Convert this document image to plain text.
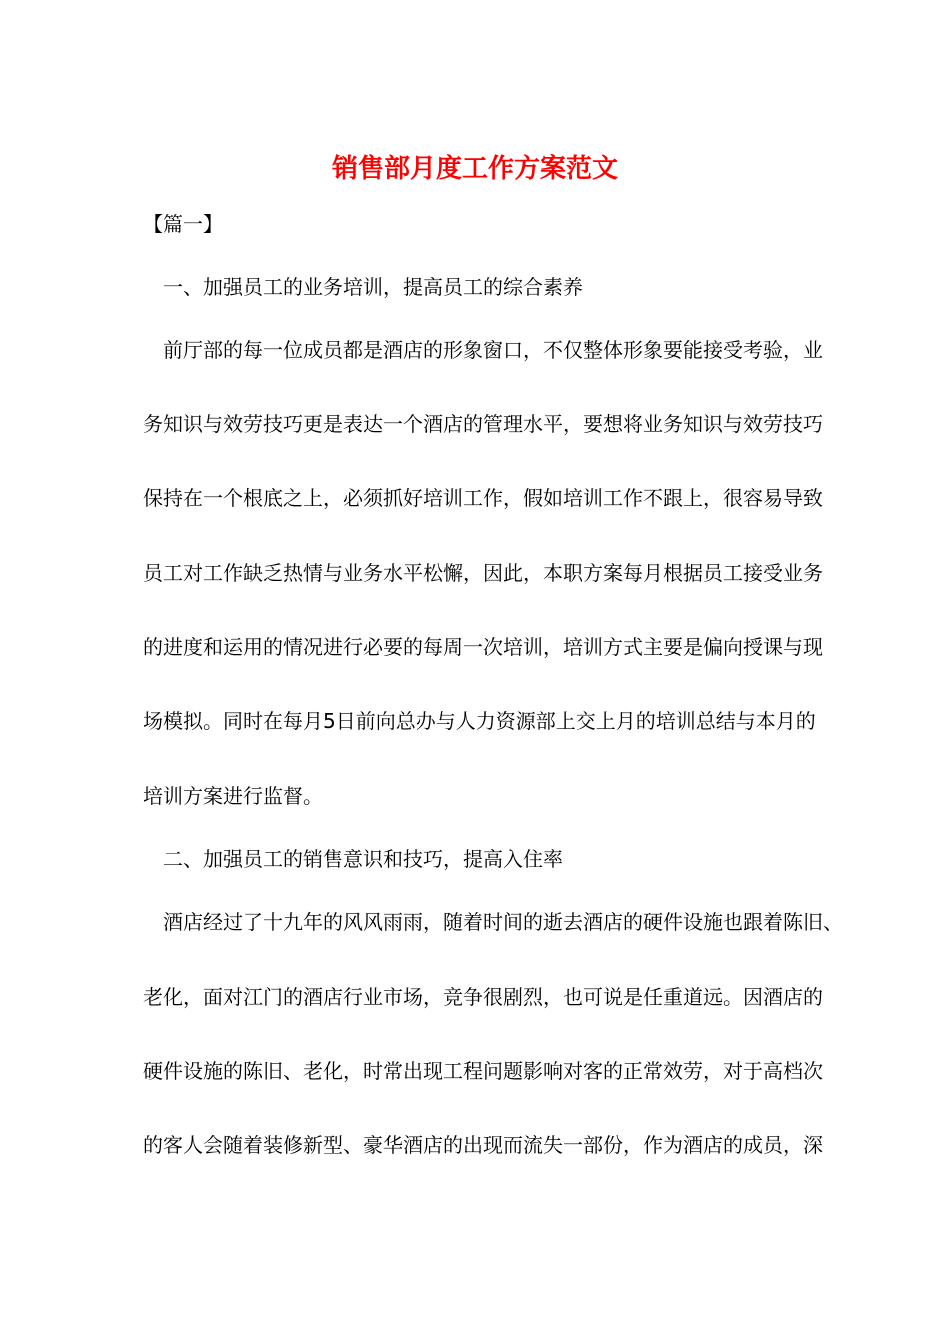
销售部月度工作方案范文
【篇一】
一、加强员工的业务培训，提高员工的综合素养
前厅部的每一位成员都是酒店的形象窗口，不仅整体形象要能接受考验，业
务知识与效劳技巧更是表达一个酒店的管理水平，要想将业务知识与效劳技巧
保持在一个根底之上，必须抓好培训工作，假如培训工作不跟上，很容易导致
员工对工作缺乏热情与业务水平松懈，因此，本职方案每月根据员工接受业务
的进度和运用的情况进行必要的每周一次培训，培训方式主要是偏向授课与现
场模拟。同时在每月5日前向总办与人力资源部上交上月的培训总结与本月的
培训方案进行监督。
二、加强员工的销售意识和技巧，提高入住率
酒店经过了十九年的风风雨雨，随着时间的逝去酒店的硬件设施也跟着陈旧、
老化，面对江门的酒店行业市场，竞争很剧烈，也可说是任重道远。因酒店的
硬件设施的陈旧、老化，时常出现工程问题影响对客的正常效劳，对于高档次
的客人会随着装修新型、豪华酒店的出现而流失一部份，作为酒店的成员，深
